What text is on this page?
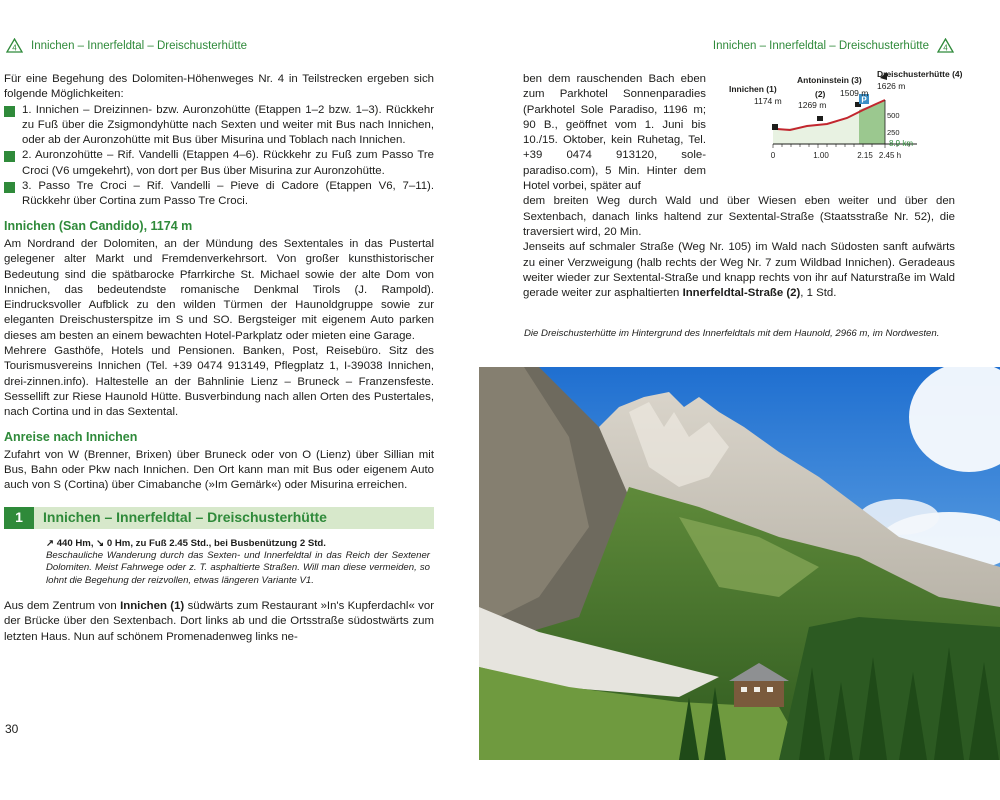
4 Innichen – Innerfeldtal – Dreischusterhütte	Innichen – Innerfeldtal – Dreischusterhütte 4

Für eine Begehung des Dolomiten-Höhenweges Nr. 4 in Teilstrecken ergeben sich folgende Möglichkeiten:

1. Innichen – Dreizinnen- bzw. Auronzohütte (Etappen 1–2 bzw. 1–3). Rückkehr zu Fuß über die Zsigmondyhütte nach Sexten und weiter mit Bus nach Innichen, oder ab der Auronzohütte mit Bus über Misurina und Toblach nach Innichen.
2. Auronzohütte – Rif. Vandelli (Etappen 4–6). Rückkehr zu Fuß zum Passo Tre Croci (V6 umgekehrt), von dort per Bus über Misurina zur Auronzohütte.
3. Passo Tre Croci – Rif. Vandelli – Pieve di Cadore (Etappen V6, 7–11). Rückkehr über Cortina zum Passo Tre Croci.
Innichen (San Candido), 1174 m

Am Nordrand der Dolomiten, an der Mündung des Sextentales in das Pustertal gelegener alter Markt und Fremdenverkehrsort. Von großer kunsthistorischer Bedeutung sind die spätbarocke Pfarrkirche St. Michael sowie der alte Dom von Innichen, das bedeutendste romanische Denkmal Tirols (J. Rampold). Eindrucksvoller Aufblick zu den wilden Türmen der Haunoldgruppe sowie zur eleganten Dreischusterspitze im S und SO. Bergsteiger mit eigenem Auto parken dieses am besten an einem bewachten Hotel-Parkplatz oder mieten eine Garage.

Mehrere Gasthöfe, Hotels und Pensionen. Banken, Post, Reisebüro. Sitz des Tourismusvereins Innichen (Tel. +39 0474 913149, Pflegplatz 1, I-39038 Innichen, drei-zinnen.info). Haltestelle an der Bahnlinie Lienz – Bruneck – Franzensfeste. Sessellift zur Riese Haunold Hütte. Busverbindung nach allen Orten des Pustertales, nach Cortina und in das Sextental.

Anreise nach Innichen

Zufahrt von W (Brenner, Brixen) über Bruneck oder von O (Lienz) über Sillian mit Bus, Bahn oder Pkw nach Innichen. Den Ort kann man mit Bus oder eigenem Auto auch von S (Cortina) über Cimabanche (»Im Gemärk«) oder Misurina erreichen.

1	Innichen – Innerfeldtal – Dreischusterhütte
↗ 440 Hm, ↘ 0 Hm, zu Fuß 2.45 Std., bei Busbenützung 2 Std.
Beschauliche Wanderung durch das Sexten- und Innerfeldtal in das Reich der Sextener Dolomiten. Meist Fahrwege oder z. T. asphaltierte Straßen. Will man diese vermeiden, so lohnt die Begehung der reizvollen, etwas längeren Variante V1.

Aus dem Zentrum von Innichen (1) südwärts zum Restaurant »In's Kupferdachl« vor der Brücke über den Sextenbach. Dort links ab und die Ortsstraße südostwärts zum letzten Haus. Nun auf schönem Promenadenweg links ne-

30

ben dem rauschenden Bach eben zum Parkhotel Sonnenparadies (Parkhotel Sole Paradiso, 1196 m; 90 B., geöffnet vom 1. Juni bis 10./15. Oktober, kein Ruhetag, Tel. +39 0474 913120, sole-paradiso.com), 5 Min. Hinter dem Hotel vorbei, später auf

dem breiten Weg durch Wald und über Wiesen eben weiter und über den Sextenbach, danach links haltend zur Sextental-Straße (Staatsstraße Nr. 52), die traversiert wird, 20 Min.

Jenseits auf schmaler Straße (Weg Nr. 105) im Wald nach Südosten sanft aufwärts zu einer Verzweigung (halb rechts der Weg Nr. 7 zum Wildbad Innichen). Geradeaus weiter wieder zur Sextental-Straße und knapp rechts von ihr auf Naturstraße im Wald gerade weiter zur asphaltierten Innerfeldtal-Straße (2), 1 Std.

P
Innichen (1)
1174 m
Antoninstein (3)
(2)
1269 m
1509 m
Dreischusterhütte (4)
1626 m
500
250
8.9 km
0	1.00	2.15 2.45 h
Die Dreischusterhütte im Hintergrund des Innerfeldtals mit dem Haunold, 2966 m, im Nordwesten.
